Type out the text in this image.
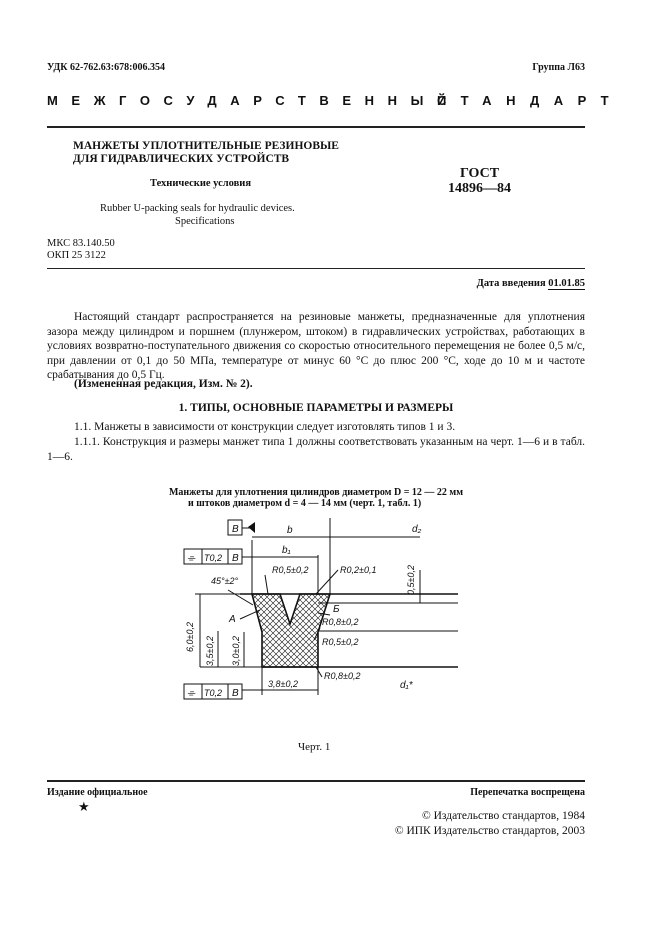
УДК 62-762.63:678:006.354	Группа Л63
МЕЖГОСУДАРСТВЕННЫЙ
СТАНДАРТ
МАНЖЕТЫ УПЛОТНИТЕЛЬНЫЕ РЕЗИНОВЫЕ
ДЛЯ ГИДРАВЛИЧЕСКИХ УСТРОЙСТВ
Технические условия
Rubber U-packing seals for hydraulic devices.
Specifications
ГОСТ
14896—84
МКС 83.140.50
ОКП 25 3122
Дата введения 01.01.85

Настоящий стандарт распространяется на резиновые манжеты, предназначенные для уплотнения зазора между цилиндром и поршнем (плунжером, штоком) в гидравлических устройствах, работающих в условиях возвратно-поступательного движения со скоростью относительного перемещения не более 0,5 м/с, при давлении от 0,1 до 50 МПа, температуре от минус 60 °С до плюс 200 °С, ходе до 10 м и частоте срабатывания до 0,5 Гц.

(Измененная редакция, Изм. № 2).
1. ТИПЫ, ОСНОВНЫЕ ПАРАМЕТРЫ И РАЗМЕРЫ

1.1. Манжеты в зависимости от конструкции следует изготовлять типов 1 и 3.

1.1.1. Конструкция и размеры манжет типа 1 должны соответствовать указанным на черт. 1—6 и в табл. 1—6.

Манжеты для уплотнения цилиндров диаметром D = 12 — 22 мм
и штоков диаметром d = 4 — 14 мм (черт. 1, табл. 1)
b	d₂
b₁
R0,5±0,2	R0,2±0,1
45°±2°
А
Б
R0,8±0,2
R0,5±0,2
R0,8±0,2
3,8±0,2	d₁*
6,0±0,2 3,5±0,2 3,0±0,2
0,5±0,2
B
⌯ T0,2 B
⌯ T0,2 B
Черт. 1
Издание официальное	Перепечатка воспрещена
★
© Издательство стандартов, 1984
© ИПК Издательство стандартов, 2003
